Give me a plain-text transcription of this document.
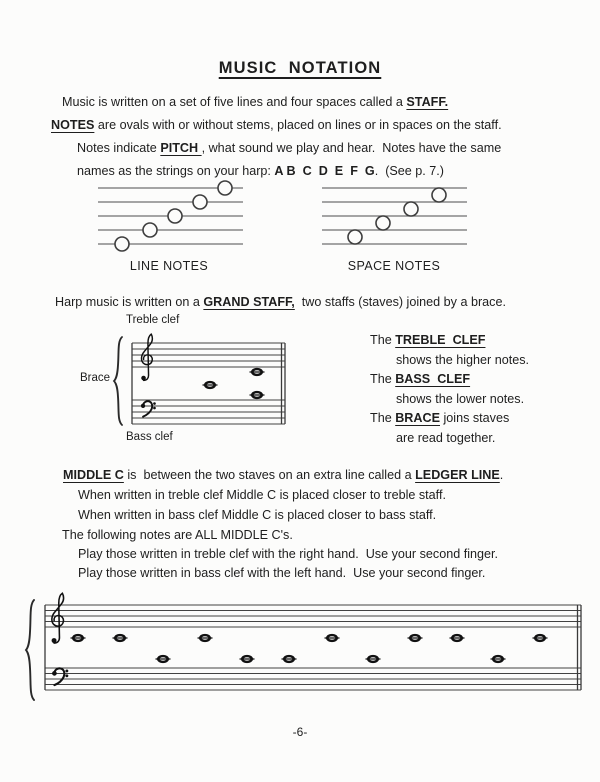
MUSIC  NOTATION
Music is written on a set of five lines and four spaces called a STAFF.
NOTES are ovals with or without stems, placed on lines or in spaces on the staff.
Notes indicate PITCH , what sound we play and hear.  Notes have the same
names as the strings on your harp: A B  C  D  E  F  G.  (See p. 7.)
LINE NOTES	SPACE NOTES
Harp music is written on a GRAND STAFF,  two staffs (staves) joined by a brace.
Treble clef
Brace
Bass clef
The TREBLE  CLEF
shows the higher notes.
The BASS  CLEF
shows the lower notes.
The BRACE joins staves
are read together.
MIDDLE C is  between the two staves on an extra line called a LEDGER LINE.
When written in treble clef Middle C is placed closer to treble staff.
When written in bass clef Middle C is placed closer to bass staff.
The following notes are ALL MIDDLE C's.
Play those written in treble clef with the right hand.  Use your second finger.
Play those written in bass clef with the left hand.  Use your second finger.
-6-
